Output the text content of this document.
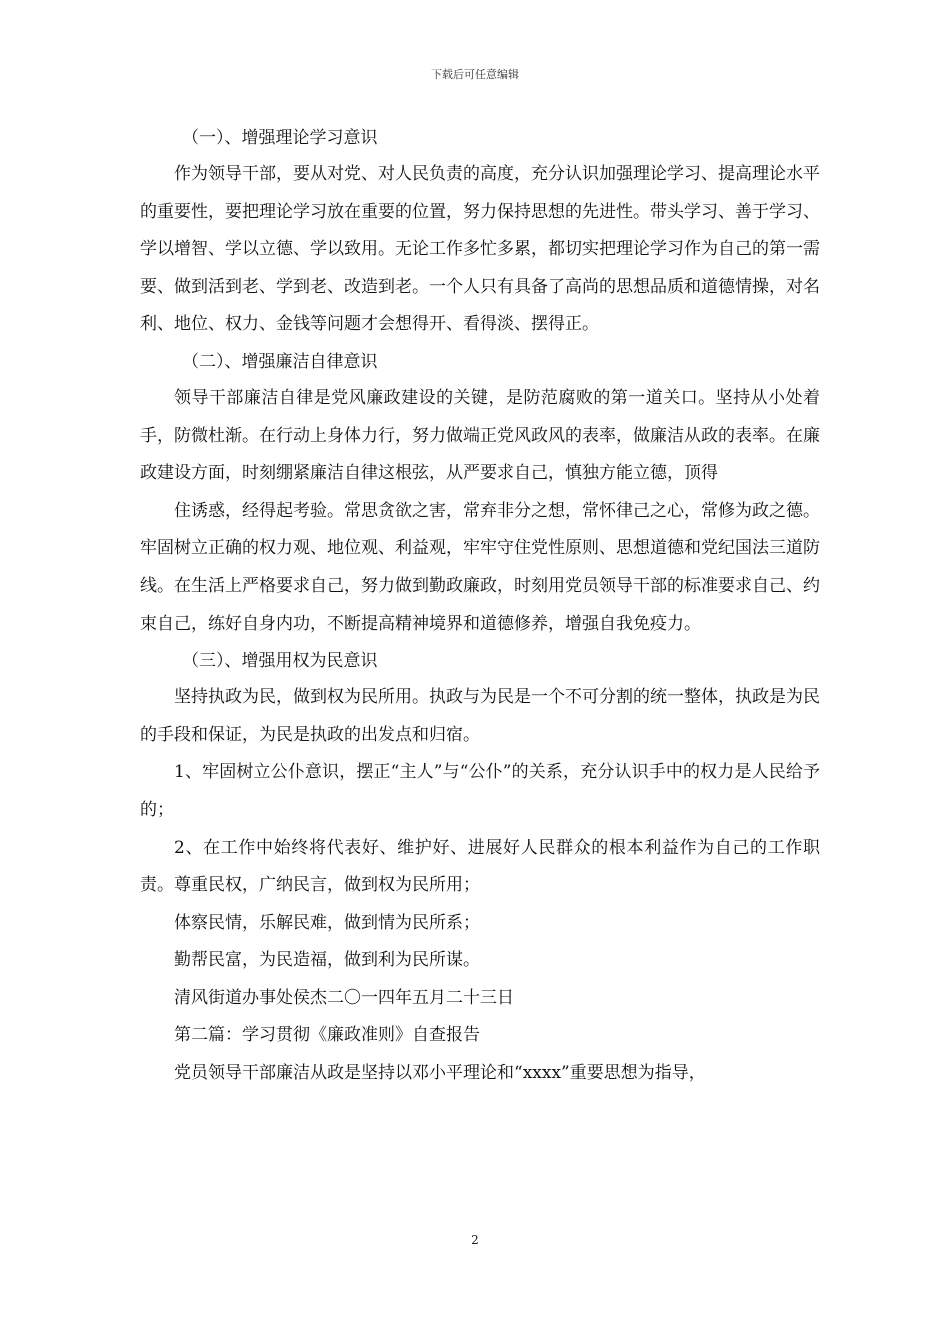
下载后可任意编辑

（一）、增强理论学习意识

作为领导干部，要从对党、对人民负责的高度，充分认识加强理论学习、提高理论水平的重要性，要把理论学习放在重要的位置，努力保持思想的先进性。带头学习、善于学习、学以增智、学以立德、学以致用。无论工作多忙多累，都切实把理论学习作为自己的第一需要、做到活到老、学到老、改造到老。一个人只有具备了高尚的思想品质和道德情操，对名利、地位、权力、金钱等问题才会想得开、看得淡、摆得正。

（二）、增强廉洁自律意识

领导干部廉洁自律是党风廉政建设的关键，是防范腐败的第一道关口。坚持从小处着手，防微杜渐。在行动上身体力行，努力做端正党风政风的表率，做廉洁从政的表率。在廉政建设方面，时刻绷紧廉洁自律这根弦，从严要求自己，慎独方能立德，顶得

住诱惑，经得起考验。常思贪欲之害，常弃非分之想，常怀律己之心，常修为政之德。牢固树立正确的权力观、地位观、利益观，牢牢守住党性原则、思想道德和党纪国法三道防线。在生活上严格要求自己，努力做到勤政廉政，时刻用党员领导干部的标准要求自己、约束自己，练好自身内功，不断提高精神境界和道德修养，增强自我免疫力。

（三）、增强用权为民意识

坚持执政为民，做到权为民所用。执政与为民是一个不可分割的统一整体，执政是为民的手段和保证，为民是执政的出发点和归宿。

1、牢固树立公仆意识，摆正“主人”与“公仆”的关系，充分认识手中的权力是人民给予的；

2、在工作中始终将代表好、维护好、进展好人民群众的根本利益作为自己的工作职责。尊重民权，广纳民言，做到权为民所用；

体察民情，乐解民难，做到情为民所系；

勤帮民富，为民造福，做到利为民所谋。

清风街道办事处侯杰二〇一四年五月二十三日

第二篇：学习贯彻《廉政准则》自查报告

党员领导干部廉洁从政是坚持以邓小平理论和“xxxx”重要思想为指导，

2
